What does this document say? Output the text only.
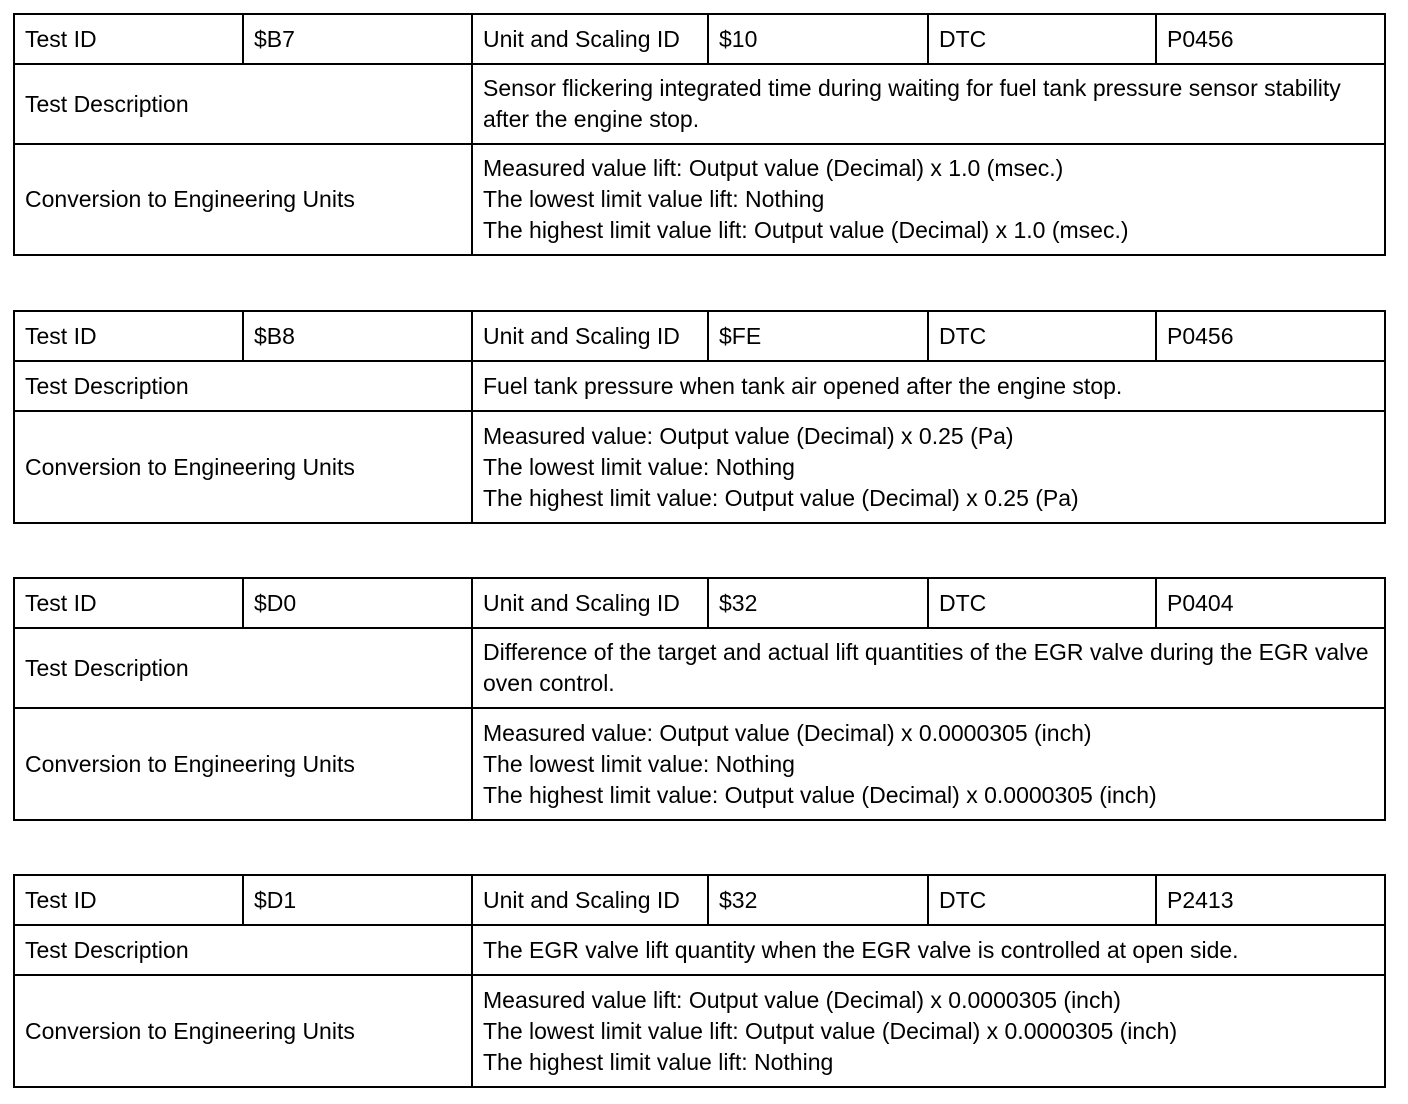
Test ID	$B7	Unit and Scaling ID	$10	DTC	P0456
Test Description		Sensor flickering integrated time during waiting for fuel tank pressure sensor stability after the engine stop.			
Conversion to Engineering Units		Measured value lift: Output value (Decimal) x 1.0 (msec.)
The lowest limit value lift: Nothing
The highest limit value lift: Output value (Decimal) x 1.0 (msec.)			
Test ID	$B8	Unit and Scaling ID	$FE	DTC	P0456
Test Description		Fuel tank pressure when tank air opened after the engine stop.			
Conversion to Engineering Units		Measured value: Output value (Decimal) x 0.25 (Pa)
The lowest limit value: Nothing
The highest limit value: Output value (Decimal) x 0.25 (Pa)			
Test ID	$D0	Unit and Scaling ID	$32	DTC	P0404
Test Description		Difference of the target and actual lift quantities of the EGR valve during the EGR valve oven control.			
Conversion to Engineering Units		Measured value: Output value (Decimal) x 0.0000305 (inch)
The lowest limit value: Nothing
The highest limit value: Output value (Decimal) x 0.0000305 (inch)			
Test ID	$D1	Unit and Scaling ID	$32	DTC	P2413
Test Description		The EGR valve lift quantity when the EGR valve is controlled at open side.			
Conversion to Engineering Units		Measured value lift: Output value (Decimal) x 0.0000305 (inch)
The lowest limit value lift: Output value (Decimal) x 0.0000305 (inch)
The highest limit value lift: Nothing			
